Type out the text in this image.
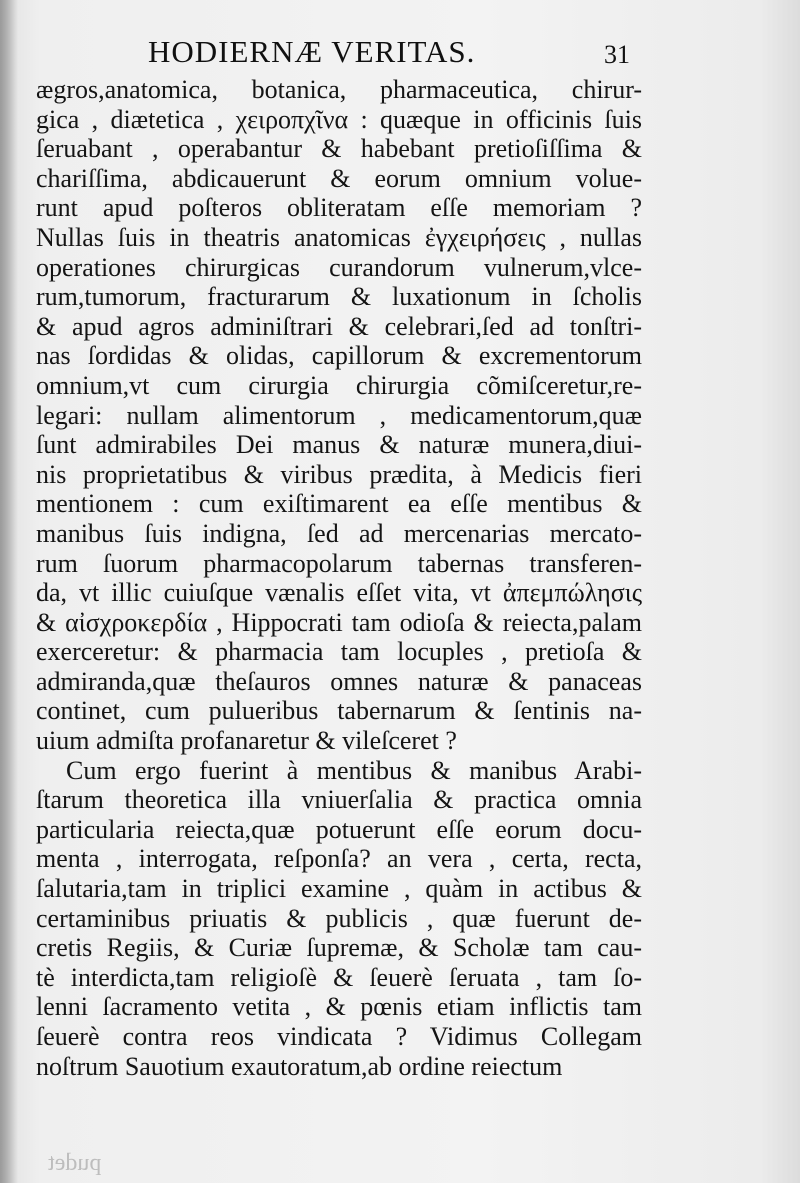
HODIERNÆ VERITAS.	31
ægros,anatomica, botanica, pharmaceutica, chirur-
gica , diætetica , χειροπχῖνα : quæque in officinis ſuis
ſeruabant , operabantur & habebant pretioſiſſima &
chariſſima, abdicauerunt & eorum omnium volue-
runt apud poſteros obliteratam eſſe memoriam ?
Nullas ſuis in theatris anatomicas ἐγχειρήσεις , nullas
operationes chirurgicas curandorum vulnerum,vlce-
rum,tumorum, fracturarum & luxationum in ſcholis
& apud agros adminiſtrari & celebrari,ſed ad tonſtri-
nas ſordidas & olidas, capillorum & excrementorum
omnium,vt cum cirurgia chirurgia cõmiſceretur,re-
legari: nullam alimentorum , medicamentorum,quæ
ſunt admirabiles Dei manus & naturæ munera,diui-
nis proprietatibus & viribus prædita, à Medicis fieri
mentionem : cum exiſtimarent ea eſſe mentibus &
manibus ſuis indigna, ſed ad mercenarias mercato-
rum ſuorum pharmacopolarum tabernas transferen-
da, vt illic cuiuſque vænalis eſſet vita, vt ἀπεμπώλησις
& αἰσχροκερδία , Hippocrati tam odioſa & reiecta,palam
exerceretur: & pharmacia tam locuples , pretioſa &
admiranda,quæ theſauros omnes naturæ & panaceas
continet, cum pulueribus tabernarum & ſentinis na-
uium admiſta profanaretur & vileſceret ?
Cum ergo fuerint à mentibus & manibus Arabi-
ſtarum theoretica illa vniuerſalia & practica omnia
particularia reiecta,quæ potuerunt eſſe eorum docu-
menta , interrogata, reſponſa? an vera , certa, recta,
ſalutaria,tam in triplici examine , quàm in actibus &
certaminibus priuatis & publicis , quæ fuerunt de-
cretis Regiis, & Curiæ ſupremæ, & Scholæ tam cau-
tè interdicta,tam religioſè & ſeuerè ſeruata , tam ſo-
lenni ſacramento vetita , & pœnis etiam inflictis tam
ſeuerè contra reos vindicata ? Vidimus Collegam
noſtrum Sauotium exautoratum,ab ordine reiectum
pudet
